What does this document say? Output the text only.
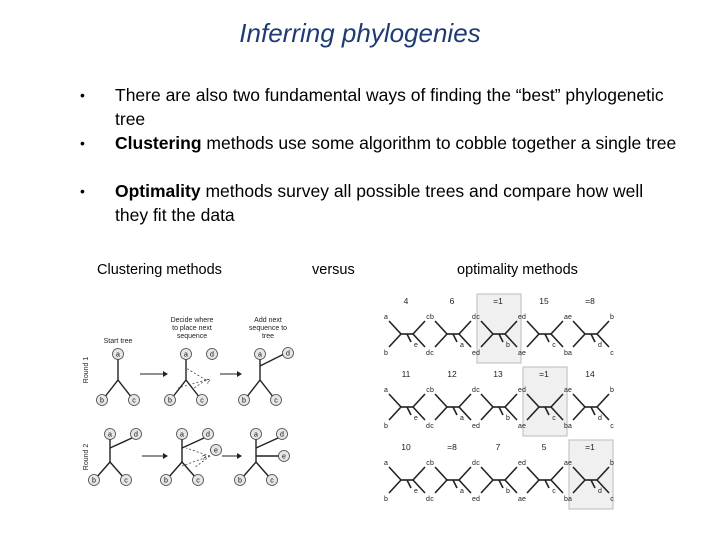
Inferring phylogenies
• There are also two fundamental ways of finding the “best” phylogenetic tree
• Clustering methods use some algorithm to cobble together a single tree
• Optimality methods survey all possible trees and compare how well they fit the data
Clustering methods	versus	optimality methods
Round 1
Round 2
Start tree
Decide where
to place next
sequence
Add next
sequence to
tree
a
b	c
a
b	c
d
?
a
b	c
d
a
b	c
d	a
b	c
d
e
?
a
b	c
d
e
4
a
b
c
d
e
6
b
c
d
e
a
=1
c
d
e
a
b
15
d
e
a
b
c
=8
e
a
b
c
d
11
a
b
c
d
e
12
b
c
d
e
a
13
c
d
e
a
b
=1
d
e
a
b
c
14
e
a
b
c
d
10
a
b
c
d
e
=8
b
c
d
e
a
7
c
d
e
a
b
5
d
e
a
b
c
=1
e
a
b
c
d
